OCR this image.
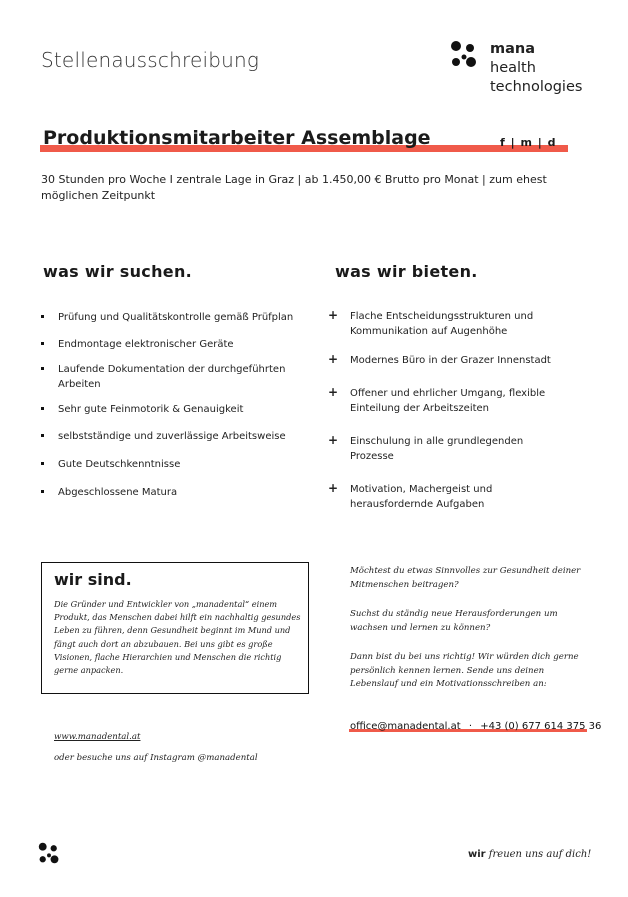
Stellenausschreibung	mana
health
technologies
Produktionsmitarbeiter Assemblage	f | m | d
30 Stunden pro Woche I zentrale Lage in Graz | ab 1.450,00 € Brutto pro Monat | zum ehest möglichen Zeitpunkt
was wir suchen.
Prüfung und Qualitätskontrolle gemäß Prüfplan
Endmontage elektronischer Geräte
Laufende Dokumentation der durchgeführten Arbeiten
Sehr gute Feinmotorik & Genauigkeit
selbstständige und zuverlässige Arbeitsweise
Gute Deutschkenntnisse
Abgeschlossene Matura
was wir bieten.
+ Flache Entscheidungsstrukturen und Kommunikation auf Augenhöhe
+ Modernes Büro in der Grazer Innenstadt
+ Offener und ehrlicher Umgang, flexible Einteilung der Arbeitszeiten
+ Einschulung in alle grundlegenden Prozesse
+ Motivation, Machergeist und herausfordernde Aufgaben
wir sind.
Die Gründer und Entwickler von „manadental“ einem Produkt, das Menschen dabei hilft ein nachhaltig gesundes Leben zu führen, denn Gesundheit beginnt im Mund und fängt auch dort an abzubauen. Bei uns gibt es große Visionen, flache Hierarchien und Menschen die richtig gerne anpacken.
Möchtest du etwas Sinnvolles zur Gesundheit deiner Mitmenschen beitragen?
Suchst du ständig neue Herausforderungen um wachsen und lernen zu können?
Dann bist du bei uns richtig! Wir würden dich gerne persönlich kennen lernen. Sende uns deinen Lebenslauf und ein Motivationsschreiben an:
office@manadental.at · +43 (0) 677 614 375 36
www.manadental.at
oder besuche uns auf Instagram @manadental
wir freuen uns auf dich!
